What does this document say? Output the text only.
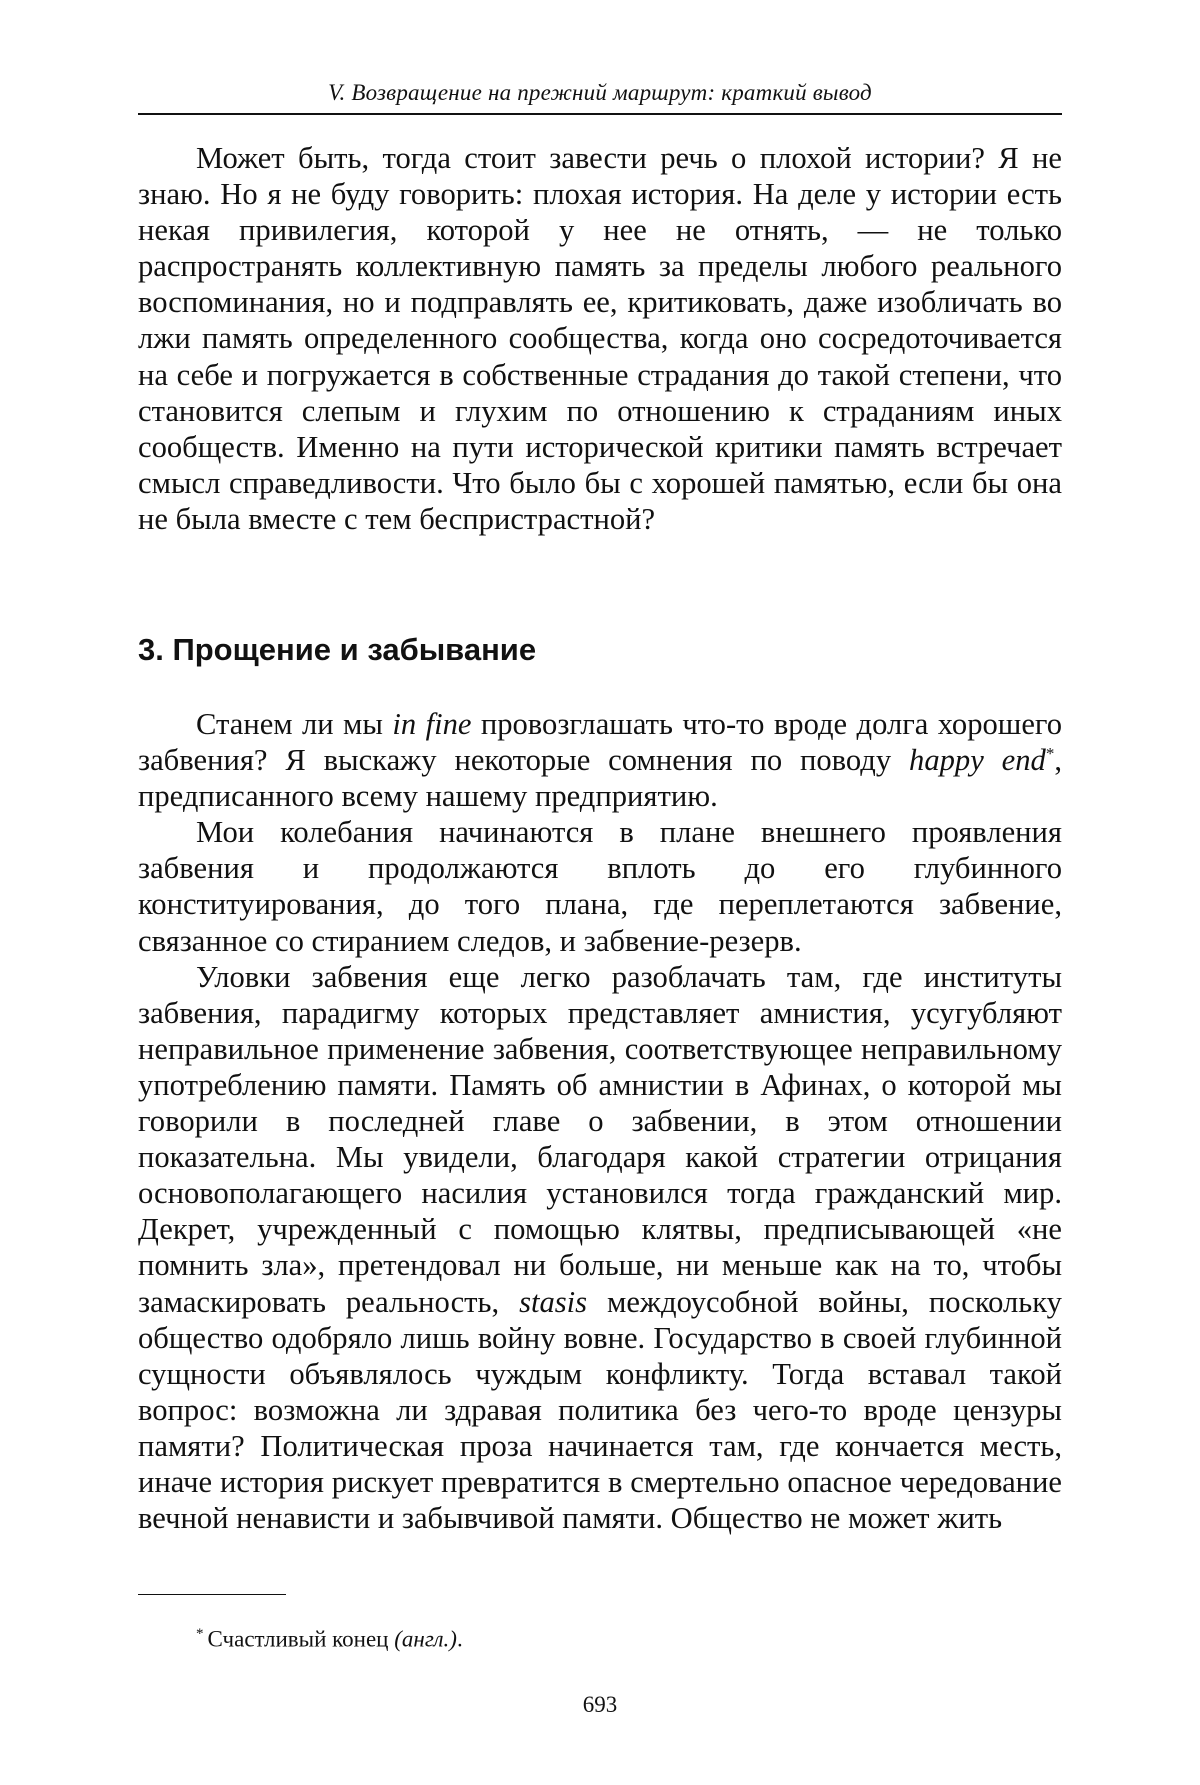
V. Возвращение на прежний маршрут: краткий вывод

Может быть, тогда стоит завести речь о плохой истории? Я не знаю. Но я не буду говорить: плохая история. На деле у истории есть некая привилегия, которой у нее не отнять, — не только распространять коллективную память за пределы любого реального воспоминания, но и подправлять ее, критиковать, даже изобличать во лжи память определенного сообщества, когда оно сосредоточивается на себе и погружается в собственные страдания до такой степени, что становится слепым и глухим по отношению к страданиям иных сообществ. Именно на пути исторической критики память встречает смысл справедливости. Что было бы с хорошей памятью, если бы она не была вместе с тем беспристрастной?

3. Прощение и забывание

Станем ли мы in fine провозглашать что-то вроде долга хорошего забвения? Я выскажу некоторые сомнения по поводу happy end*, предписанного всему нашему предприятию.

Мои колебания начинаются в плане внешнего проявления забвения и продолжаются вплоть до его глубинного конституирования, до того плана, где переплетаются забвение, связанное со стиранием следов, и забвение-резерв.

Уловки забвения еще легко разоблачать там, где институты забвения, парадигму которых представляет амнистия, усугубляют неправильное применение забвения, соответствующее неправильному употреблению памяти. Память об амнистии в Афинах, о которой мы говорили в последней главе о забвении, в этом отношении показательна. Мы увидели, благодаря какой стратегии отрицания основополагающего насилия установился тогда гражданский мир. Декрет, учрежденный с помощью клятвы, предписывающей «не помнить зла», претендовал ни больше, ни меньше как на то, чтобы замаскировать реальность, stasis междоусобной войны, поскольку общество одобряло лишь войну вовне. Государство в своей глубинной сущности объявлялось чуждым конфликту. Тогда вставал такой вопрос: возможна ли здравая политика без чего-то вроде цензуры памяти? Политическая проза начинается там, где кончается месть, иначе история рискует превратится в смертельно опасное чередование вечной ненависти и забывчивой памяти. Общество не может жить

* Счастливый конец (англ.).
693
